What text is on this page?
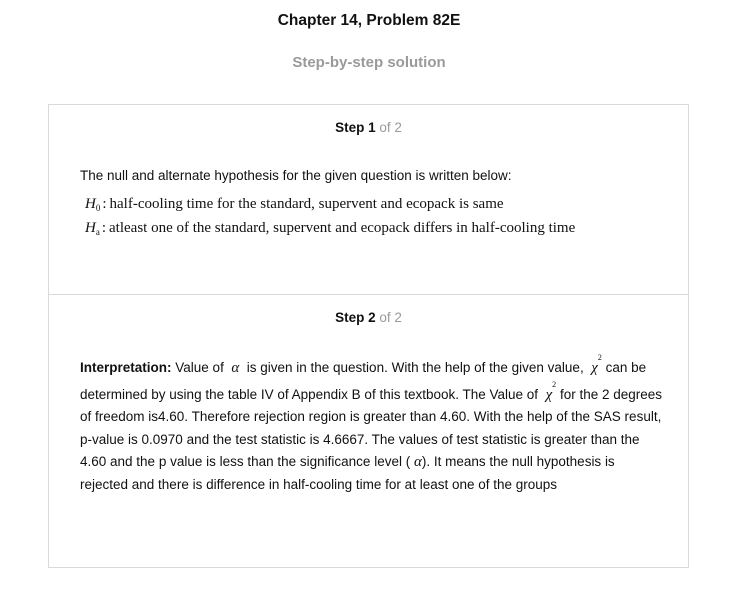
Chapter 14, Problem 82E
Step-by-step solution
Step 1 of 2
The null and alternate hypothesis for the given question is written below:
$H_0$ : half-cooling time for the standard, supervent and ecopack is same
$H_a$ : atleast one of the standard, supervent and ecopack differs in half-cooling time
Step 2 of 2
Interpretation: Value of α is given in the question. With the help of the given value, $\chi^2$ can be determined by using the table IV of Appendix B of this textbook. The Value of $\chi^2$ for the 2 degrees of freedom is4.60. Therefore rejection region is greater than 4.60. With the help of the SAS result, p-value is 0.0970 and the test statistic is 4.6667. The values of test statistic is greater than the 4.60 and the p value is less than the significance level ( α). It means the null hypothesis is rejected and there is difference in half-cooling time for at least one of the groups
